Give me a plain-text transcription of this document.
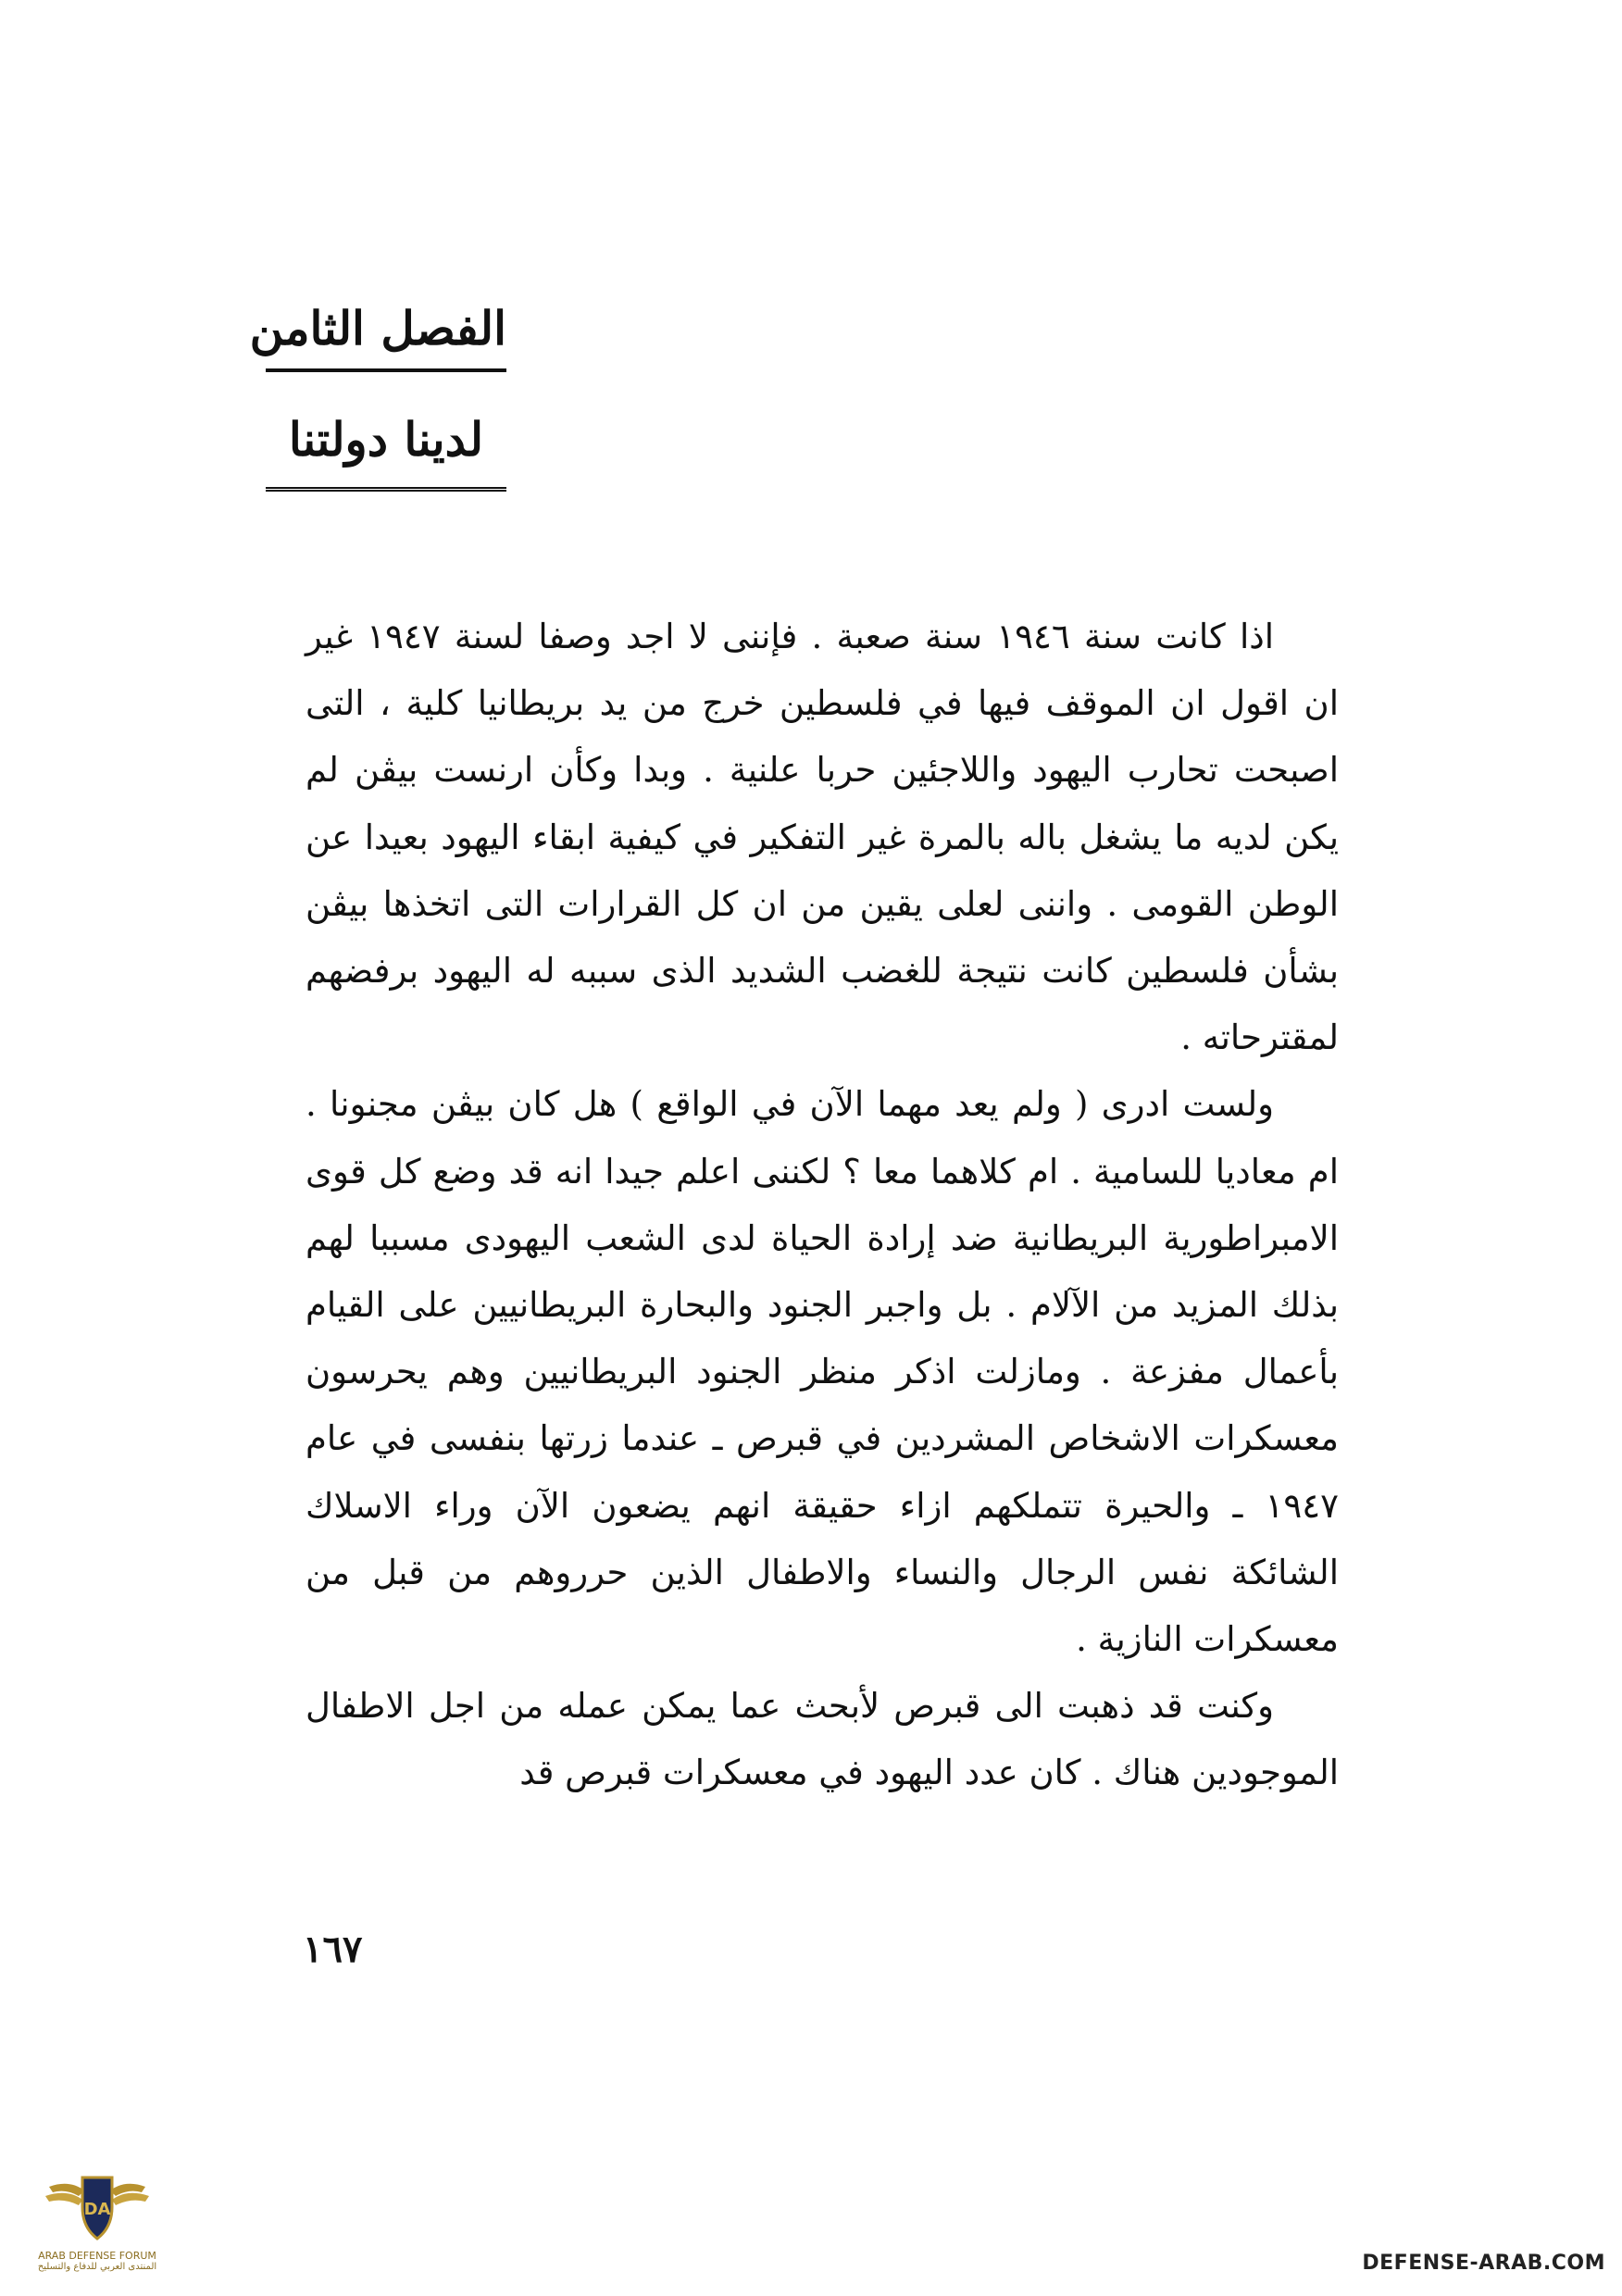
الفصل الثامن
لدينا دولتنا

اذا كانت سنة ١٩٤٦ سنة صعبة . فإننى لا اجد وصفا لسنة ١٩٤٧ غير ان اقول ان الموقف فيها في فلسطين خرج من يد بريطانيا كلية ، التى اصبحت تحارب اليهود واللاجئين حربا علنية . وبدا وكأن ارنست بيڤن لم يكن لديه ما يشغل باله بالمرة غير التفكير في كيفية ابقاء اليهود بعيدا عن الوطن القومى . واننى لعلى يقين من ان كل القرارات التى اتخذها بيڤن بشأن فلسطين كانت نتيجة للغضب الشديد الذى سببه له اليهود برفضهم لمقترحاته .

ولست ادرى ( ولم يعد مهما الآن في الواقع ) هل كان بيڤن مجنونا . ام معاديا للسامية . ام كلاهما معا ؟ لكننى اعلم جيدا انه قد وضع كل قوى الامبراطورية البريطانية ضد إرادة الحياة لدى الشعب اليهودى مسببا لهم بذلك المزيد من الآلام . بل واجبر الجنود والبحارة البريطانيين على القيام بأعمال مفزعة . ومازلت اذكر منظر الجنود البريطانيين وهم يحرسون معسكرات الاشخاص المشردين في قبرص ـ عندما زرتها بنفسى في عام ١٩٤٧ ـ والحيرة تتملكهم ازاء حقيقة انهم يضعون الآن وراء الاسلاك الشائكة نفس الرجال والنساء والاطفال الذين حرروهم من قبل من معسكرات النازية .

وكنت قد ذهبت الى قبرص لأبحث عما يمكن عمله من اجل الاطفال الموجودين هناك . كان عدد اليهود في معسكرات قبرص قد

١٦٧
DA
ARAB DEFENSE FORUM
المنتدى العربي للدفاع والتسليح	DEFENSE-ARAB.COM
